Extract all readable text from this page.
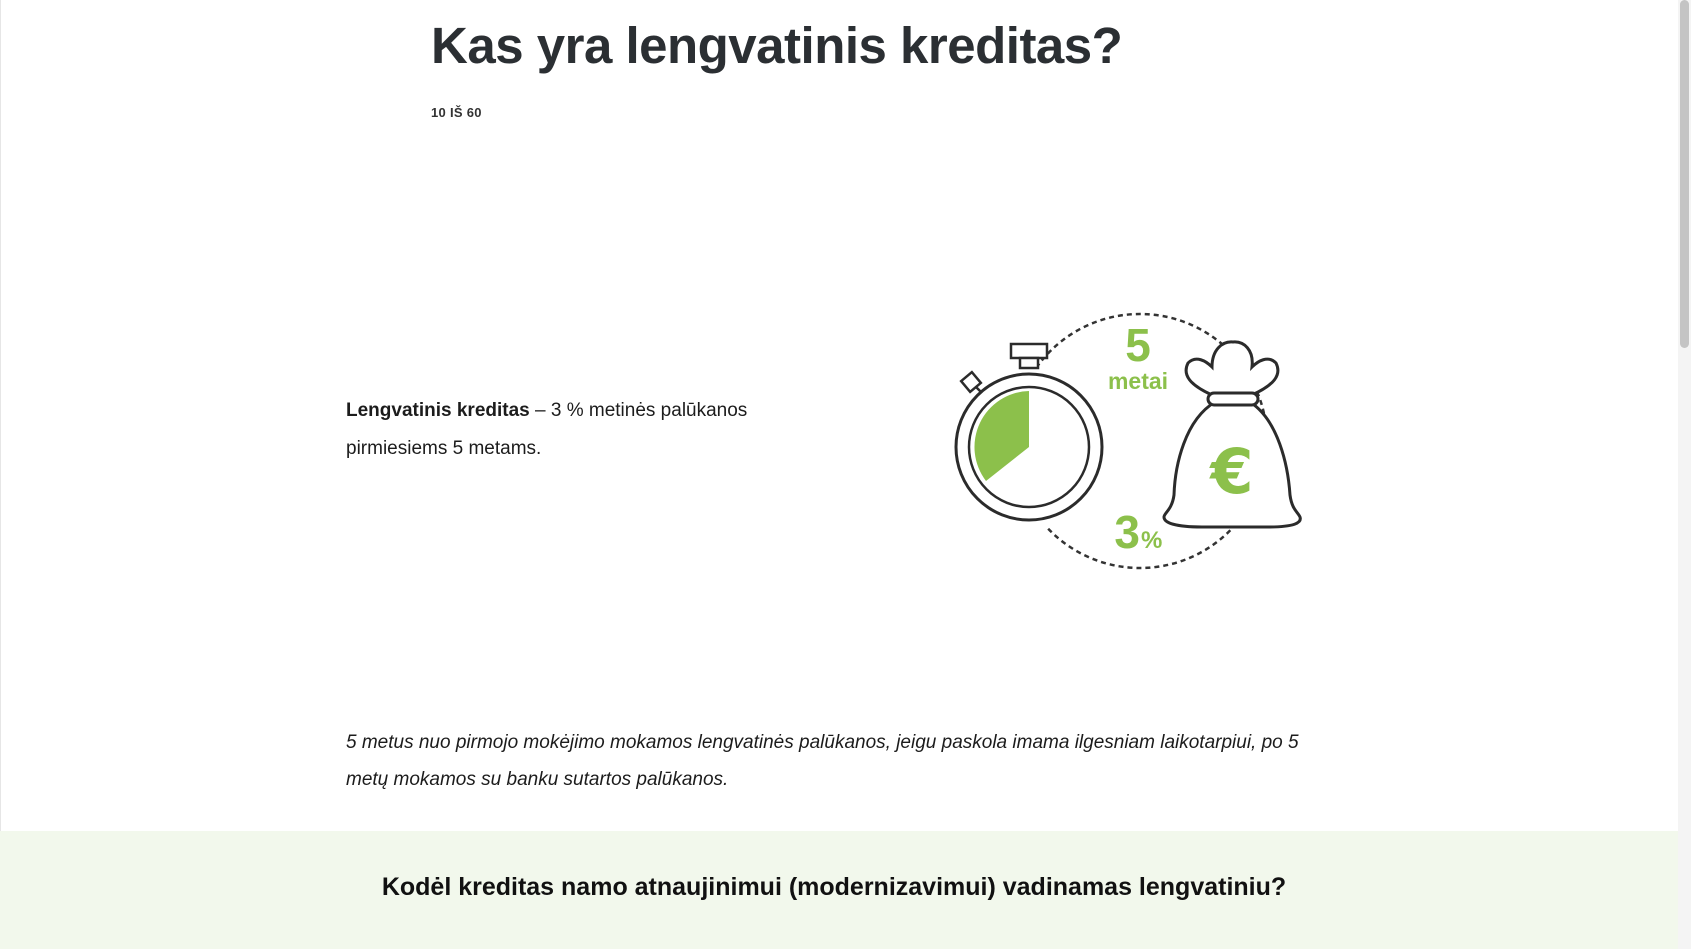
Kas yra lengvatinis kreditas?
10 IŠ 60
Lengvatinis kreditas – 3 % metinės palūkanos pirmiesiems 5 metams.	€
5
metai
3 %
5 metus nuo pirmojo mokėjimo mokamos lengvatinės palūkanos, jeigu paskola imama ilgesniam laikotarpiui, po 5 metų mokamos su banku sutartos palūkanos.
Kodėl kreditas namo atnaujinimui (modernizavimui) vadinamas lengvatiniu?
